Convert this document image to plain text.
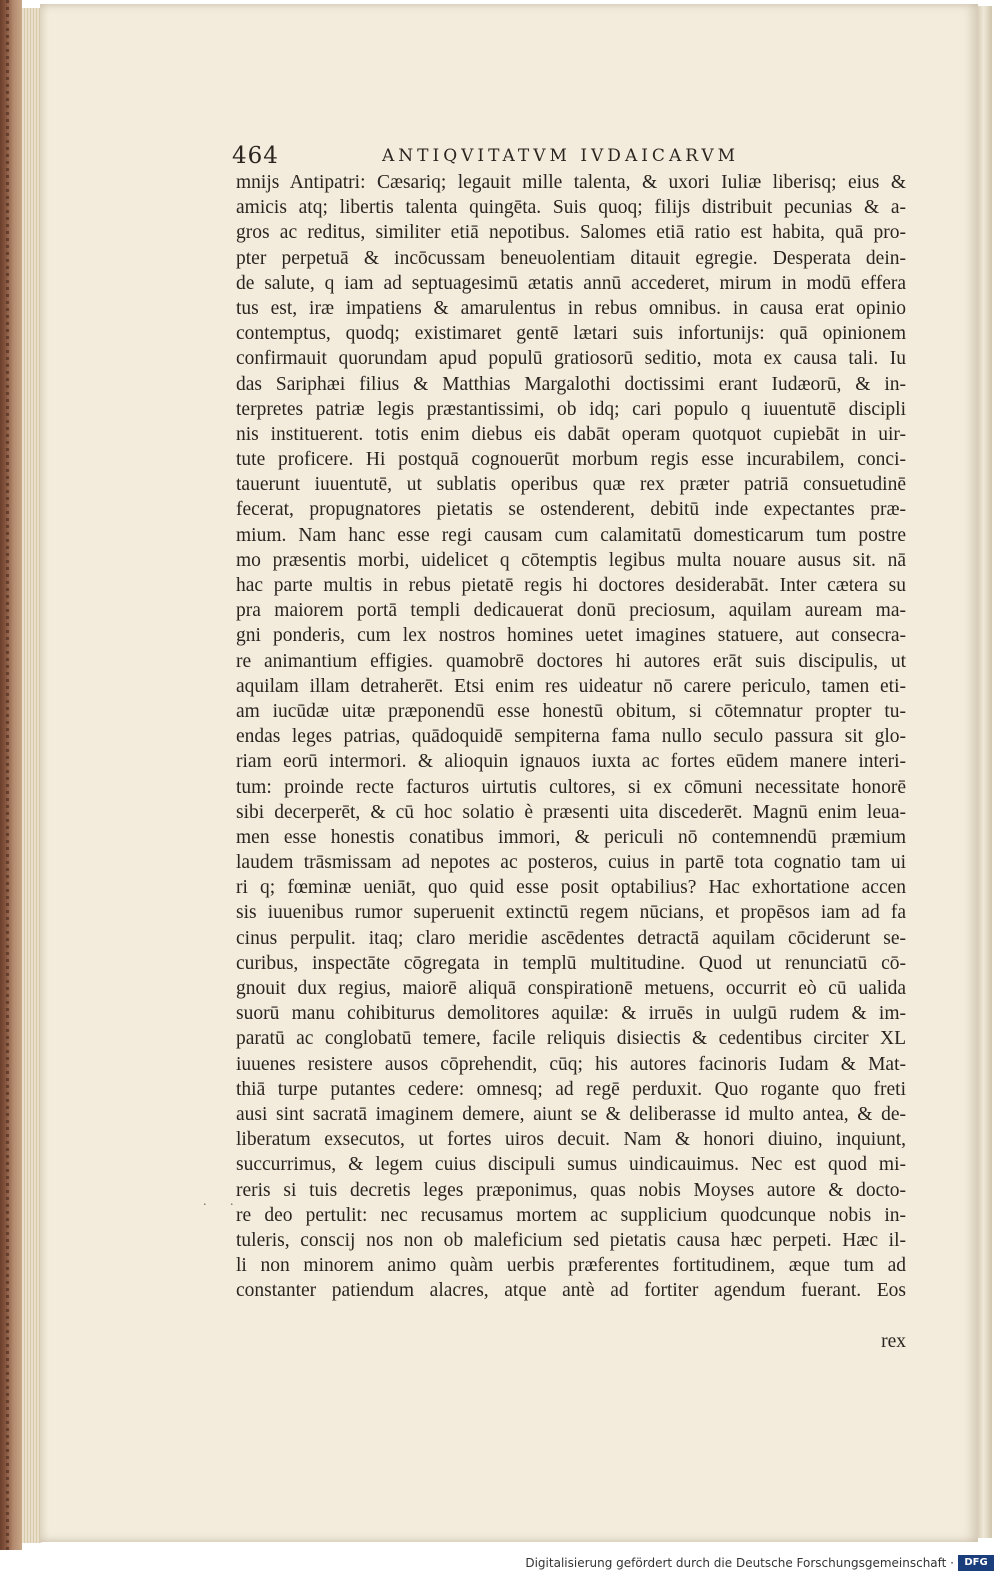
464	ANTIQVITATVM IVDAICARVM
. .
mnijs Antipatri: Cæsariq; legauit mille talenta, & uxori Iuliæ liberisq; eius &
amicis atq; libertis talenta quingēta. Suis quoq; filijs distribuit pecunias & a-
gros ac reditus, similiter etiā nepotibus. Salomes etiā ratio est habita, quā pro-
pter perpetuā & incōcussam beneuolentiam ditauit egregie. Desperata dein-
de salute, q iam ad septuagesimū ætatis annū accederet, mirum in modū effera
tus est, iræ impatiens & amarulentus in rebus omnibus. in causa erat opinio
contemptus, quodq; existimaret gentē lætari suis infortunijs: quā opinionem
confirmauit quorundam apud populū gratiosorū seditio, mota ex causa tali. Iu
das Sariphæi filius & Matthias Margalothi doctissimi erant Iudæorū, & in-
terpretes patriæ legis præstantissimi, ob idq; cari populo q iuuentutē discipli
nis instituerent. totis enim diebus eis dabāt operam quotquot cupiebāt in uir-
tute proficere. Hi postquā cognouerūt morbum regis esse incurabilem, conci-
tauerunt iuuentutē, ut sublatis operibus quæ rex præter patriā consuetudinē
fecerat, propugnatores pietatis se ostenderent, debitū inde expectantes præ-
mium. Nam hanc esse regi causam cum calamitatū domesticarum tum postre
mo præsentis morbi, uidelicet q cōtemptis legibus multa nouare ausus sit. nā
hac parte multis in rebus pietatē regis hi doctores desiderabāt. Inter cætera su
pra maiorem portā templi dedicauerat donū preciosum, aquilam auream ma-
gni ponderis, cum lex nostros homines uetet imagines statuere, aut consecra-
re animantium effigies. quamobrē doctores hi autores erāt suis discipulis, ut
aquilam illam detraherēt. Etsi enim res uideatur nō carere periculo, tamen eti-
am iucūdæ uitæ præponendū esse honestū obitum, si cōtemnatur propter tu-
endas leges patrias, quādoquidē sempiterna fama nullo seculo passura sit glo-
riam eorū intermori. & alioquin ignauos iuxta ac fortes eūdem manere interi-
tum: proinde recte facturos uirtutis cultores, si ex cōmuni necessitate honorē
sibi decerperēt, & cū hoc solatio è præsenti uita discederēt. Magnū enim leua-
men esse honestis conatibus immori, & periculi nō contemnendū præmium
laudem trāsmissam ad nepotes ac posteros, cuius in partē tota cognatio tam ui
ri q; fœminæ ueniāt, quo quid esse posit optabilius? Hac exhortatione accen
sis iuuenibus rumor superuenit extinctū regem nūcians, et propēsos iam ad fa
cinus perpulit. itaq; claro meridie ascēdentes detractā aquilam cōciderunt se-
curibus, inspectāte cōgregata in templū multitudine. Quod ut renunciatū cō-
gnouit dux regius, maiorē aliquā conspirationē metuens, occurrit eò cū ualida
suorū manu cohibiturus demolitores aquilæ: & irruēs in uulgū rudem & im-
paratū ac conglobatū temere, facile reliquis disiectis & cedentibus circiter XL
iuuenes resistere ausos cōprehendit, cūq; his autores facinoris Iudam & Mat-
thiā turpe putantes cedere: omnesq; ad regē perduxit. Quo rogante quo freti
ausi sint sacratā imaginem demere, aiunt se & deliberasse id multo antea, & de-
liberatum exsecutos, ut fortes uiros decuit. Nam & honori diuino, inquiunt,
succurrimus, & legem cuius discipuli sumus uindicauimus. Nec est quod mi-
reris si tuis decretis leges præponimus, quas nobis Moyses autore & docto-
re deo pertulit: nec recusamus mortem ac supplicium quodcunque nobis in-
tuleris, conscij nos non ob maleficium sed pietatis causa hæc perpeti. Hæc il-
li non minorem animo quàm uerbis præferentes fortitudinem, æque tum ad
constanter patiendum alacres, atque antè ad fortiter agendum fuerant. Eos
rex
Digitalisierung gefördert durch die Deutsche Forschungsgemeinschaft ·	DFG
